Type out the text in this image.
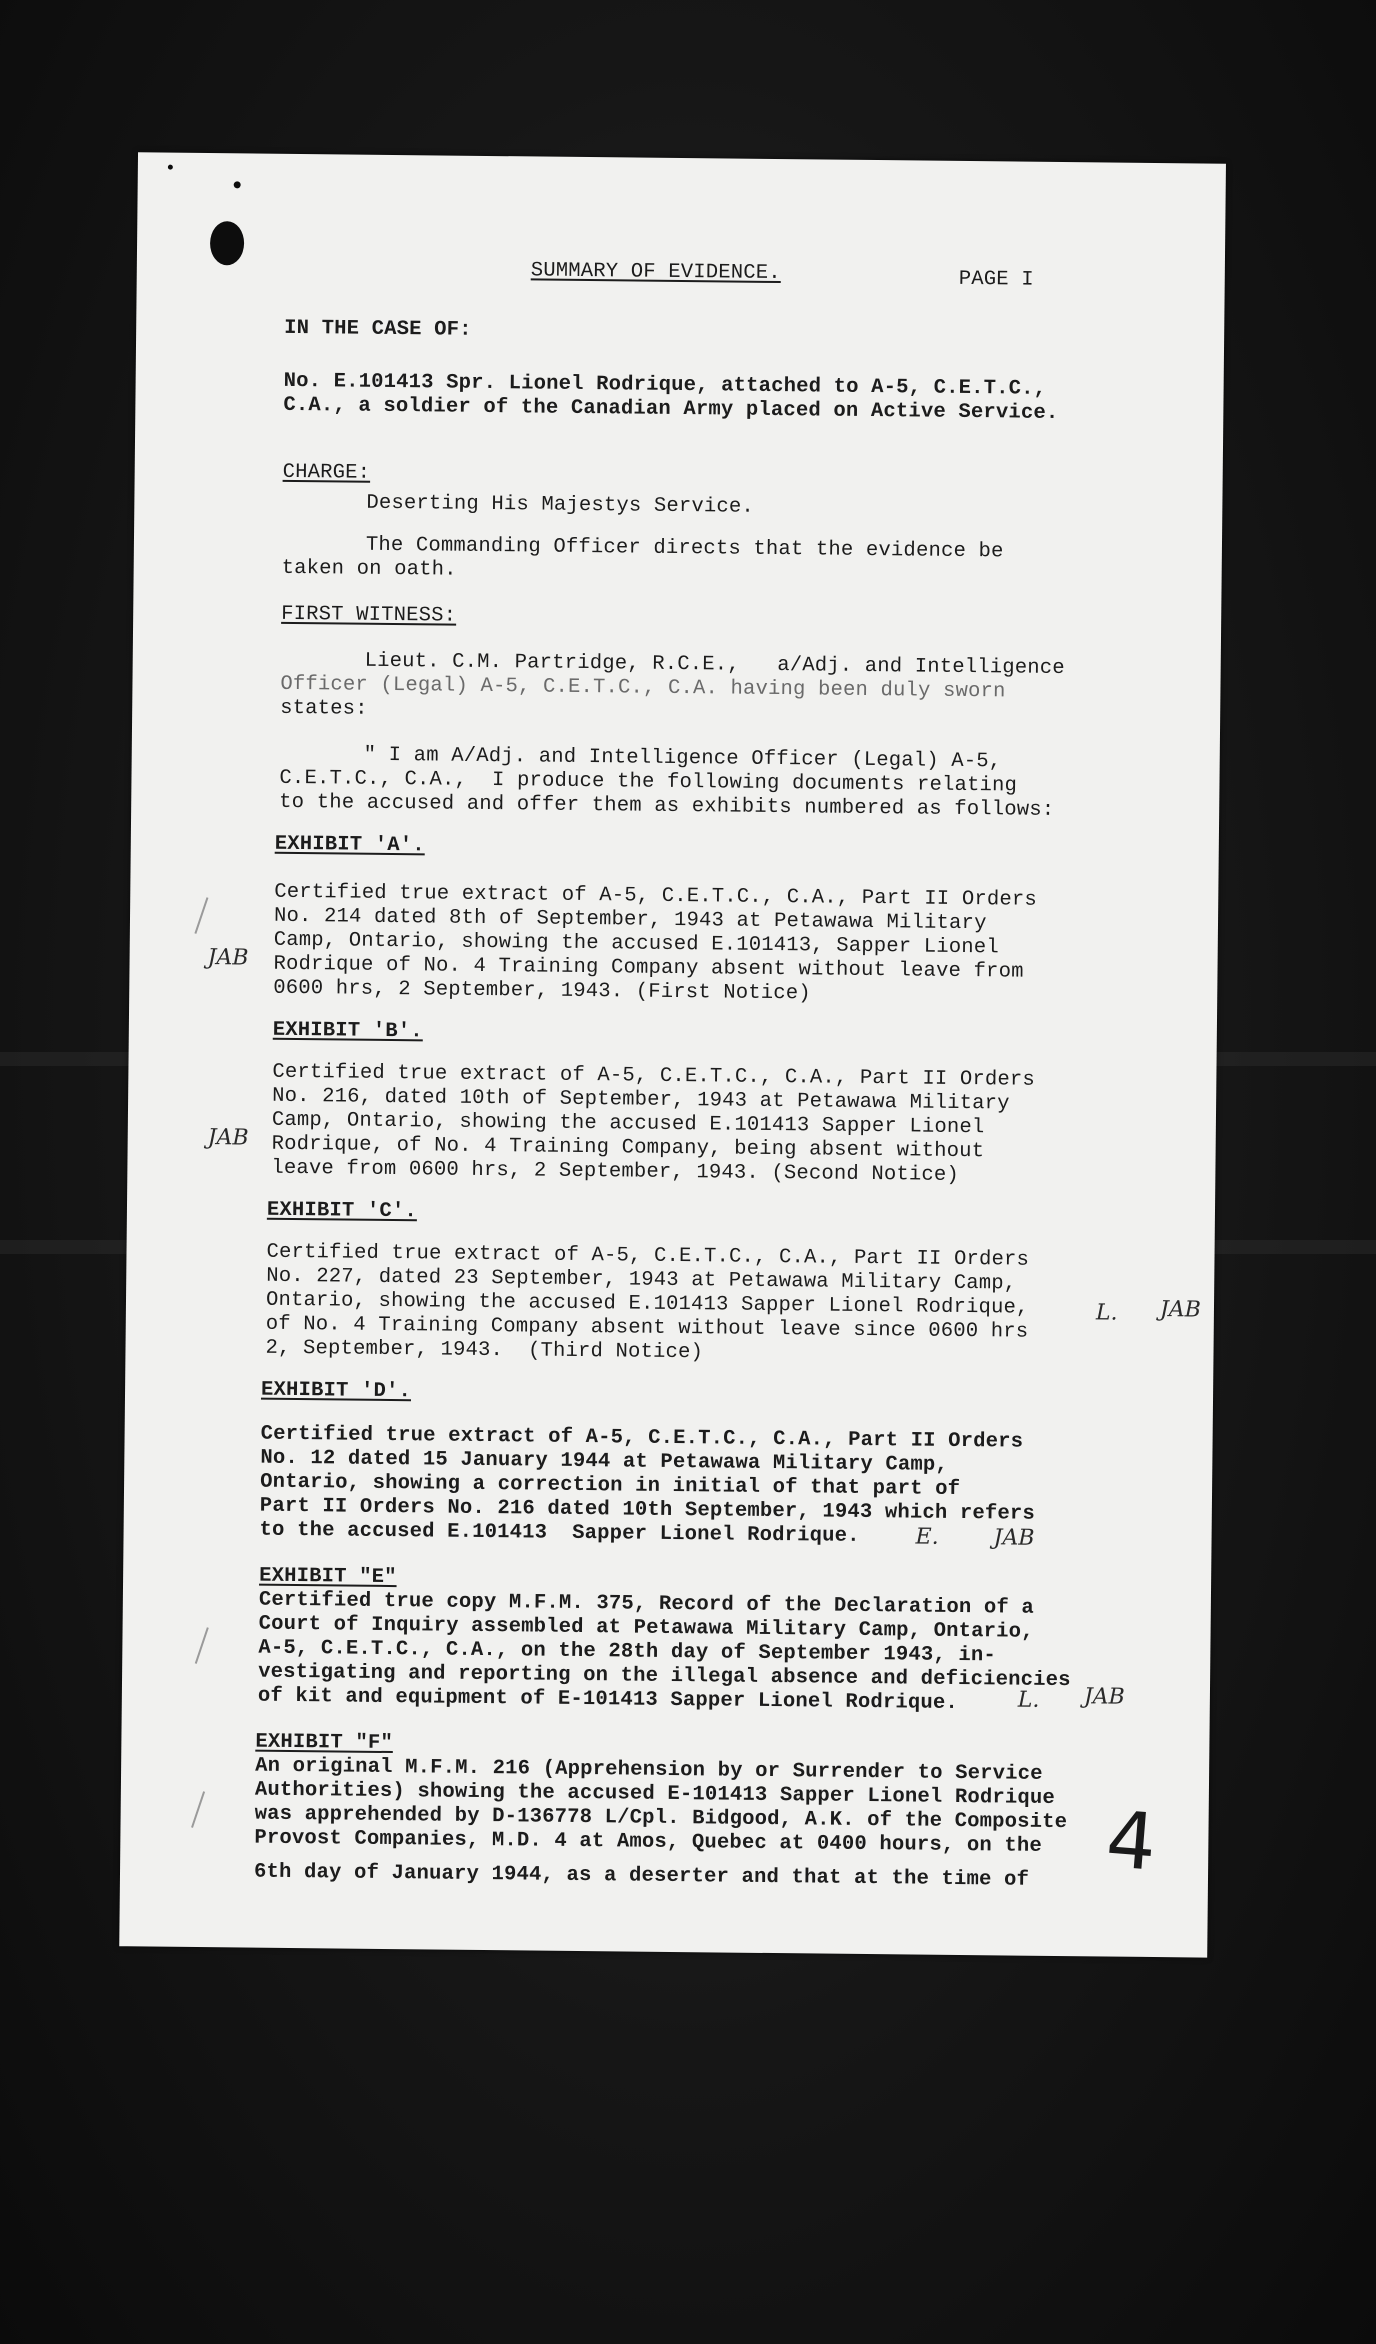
SUMMARY OF EVIDENCE.	PAGE I
IN THE CASE OF:
No. E.101413 Spr. Lionel Rodrique, attached to A-5, C.E.T.C.,
C.A., a soldier of the Canadian Army placed on Active Service.
CHARGE:
Deserting His Majestys Service.
The Commanding Officer directs that the evidence be
taken on oath.
FIRST WITNESS:
Lieut. C.M. Partridge, R.C.E.,   a/Adj. and Intelligence
Officer (Legal) A-5, C.E.T.C., C.A. having been duly sworn
states:
" I am A/Adj. and Intelligence Officer (Legal) A-5,
C.E.T.C., C.A.,  I produce the following documents relating
to the accused and offer them as exhibits numbered as follows:
EXHIBIT 'A'.
Certified true extract of A-5, C.E.T.C., C.A., Part II Orders
No. 214 dated 8th of September, 1943 at Petawawa Military
Camp, Ontario, showing the accused E.101413, Sapper Lionel
Rodrique of No. 4 Training Company absent without leave from
0600 hrs, 2 September, 1943. (First Notice)
EXHIBIT 'B'.
Certified true extract of A-5, C.E.T.C., C.A., Part II Orders
No. 216, dated 10th of September, 1943 at Petawawa Military
Camp, Ontario, showing the accused E.101413 Sapper Lionel
Rodrique, of No. 4 Training Company, being absent without
leave from 0600 hrs, 2 September, 1943. (Second Notice)
EXHIBIT 'C'.
Certified true extract of A-5, C.E.T.C., C.A., Part II Orders
No. 227, dated 23 September, 1943 at Petawawa Military Camp,
Ontario, showing the accused E.101413 Sapper Lionel Rodrique,
of No. 4 Training Company absent without leave since 0600 hrs
2, September, 1943.  (Third Notice)
EXHIBIT 'D'.
Certified true extract of A-5, C.E.T.C., C.A., Part II Orders
No. 12 dated 15 January 1944 at Petawawa Military Camp,
Ontario, showing a correction in initial of that part of
Part II Orders No. 216 dated 10th September, 1943 which refers
to the accused E.101413  Sapper Lionel Rodrique.
EXHIBIT "E"
Certified true copy M.F.M. 375, Record of the Declaration of a
Court of Inquiry assembled at Petawawa Military Camp, Ontario,
A-5, C.E.T.C., C.A., on the 28th day of September 1943, in-
vestigating and reporting on the illegal absence and deficiencies
of kit and equipment of E-101413 Sapper Lionel Rodrique.
EXHIBIT "F"
An original M.F.M. 216 (Apprehension by or Surrender to Service
Authorities) showing the accused E-101413 Sapper Lionel Rodrique
was apprehended by D-136778 L/Cpl. Bidgood, A.K. of the Composite
Provost Companies, M.D. 4 at Amos, Quebec at 0400 hours, on the
6th day of January 1944, as a deserter and that at the time of
JAB
JAB
L. JAB
E. JAB
L. JAB
4
